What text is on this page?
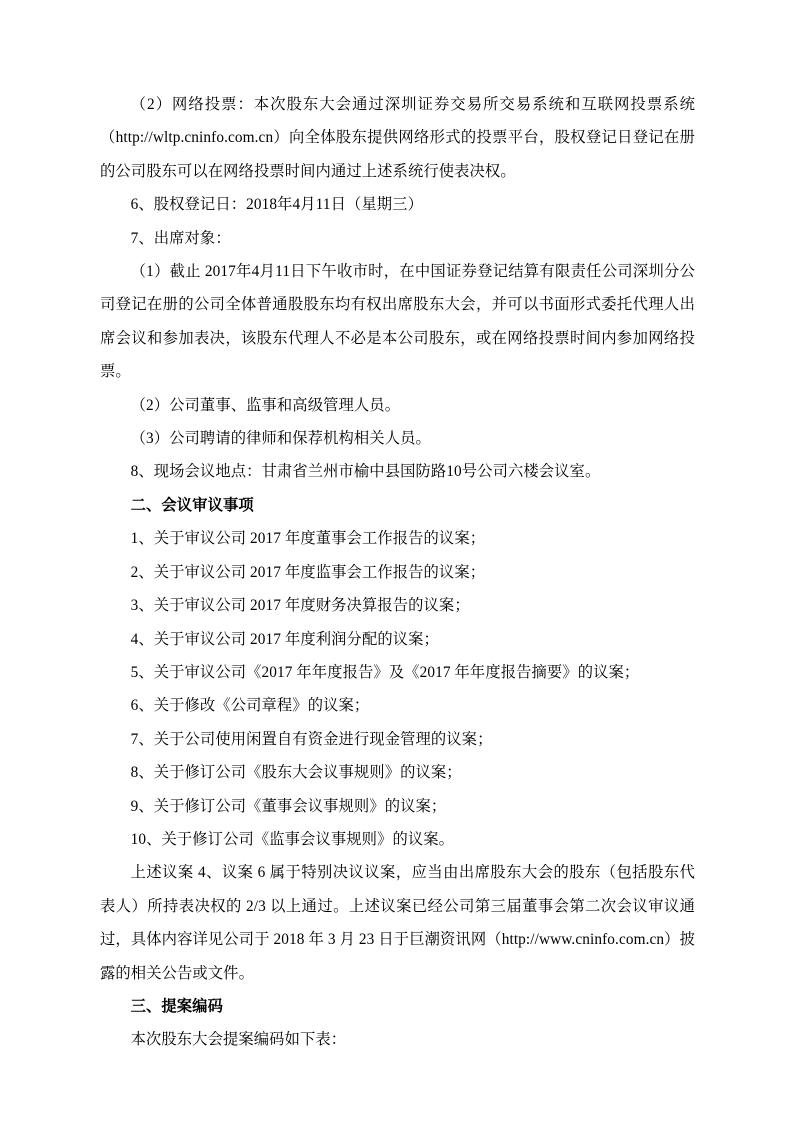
（2）网络投票：本次股东大会通过深圳证券交易所交易系统和互联网投票系统（http://wltp.cninfo.com.cn）向全体股东提供网络形式的投票平台，股权登记日登记在册的公司股东可以在网络投票时间内通过上述系统行使表决权。

6、股权登记日：2018年4月11日（星期三）

7、出席对象：

（1）截止 2017年4月11日下午收市时，在中国证券登记结算有限责任公司深圳分公司登记在册的公司全体普通股股东均有权出席股东大会，并可以书面形式委托代理人出席会议和参加表决，该股东代理人不必是本公司股东，或在网络投票时间内参加网络投票。

（2）公司董事、监事和高级管理人员。

（3）公司聘请的律师和保荐机构相关人员。

8、现场会议地点：甘肃省兰州市榆中县国防路10号公司六楼会议室。

二、会议审议事项

1、关于审议公司 2017 年度董事会工作报告的议案；

2、关于审议公司 2017 年度监事会工作报告的议案；

3、关于审议公司 2017 年度财务决算报告的议案；

4、关于审议公司 2017 年度利润分配的议案；

5、关于审议公司《2017 年年度报告》及《2017 年年度报告摘要》的议案；

6、关于修改《公司章程》的议案；

7、关于公司使用闲置自有资金进行现金管理的议案；

8、关于修订公司《股东大会议事规则》的议案；

9、关于修订公司《董事会议事规则》的议案；

10、关于修订公司《监事会议事规则》的议案。

上述议案 4、议案 6 属于特别决议议案，应当由出席股东大会的股东（包括股东代表人）所持表决权的 2/3 以上通过。上述议案已经公司第三届董事会第二次会议审议通过，具体内容详见公司于 2018 年 3 月 23 日于巨潮资讯网（http://www.cninfo.com.cn）披露的相关公告或文件。

三、提案编码

本次股东大会提案编码如下表：
